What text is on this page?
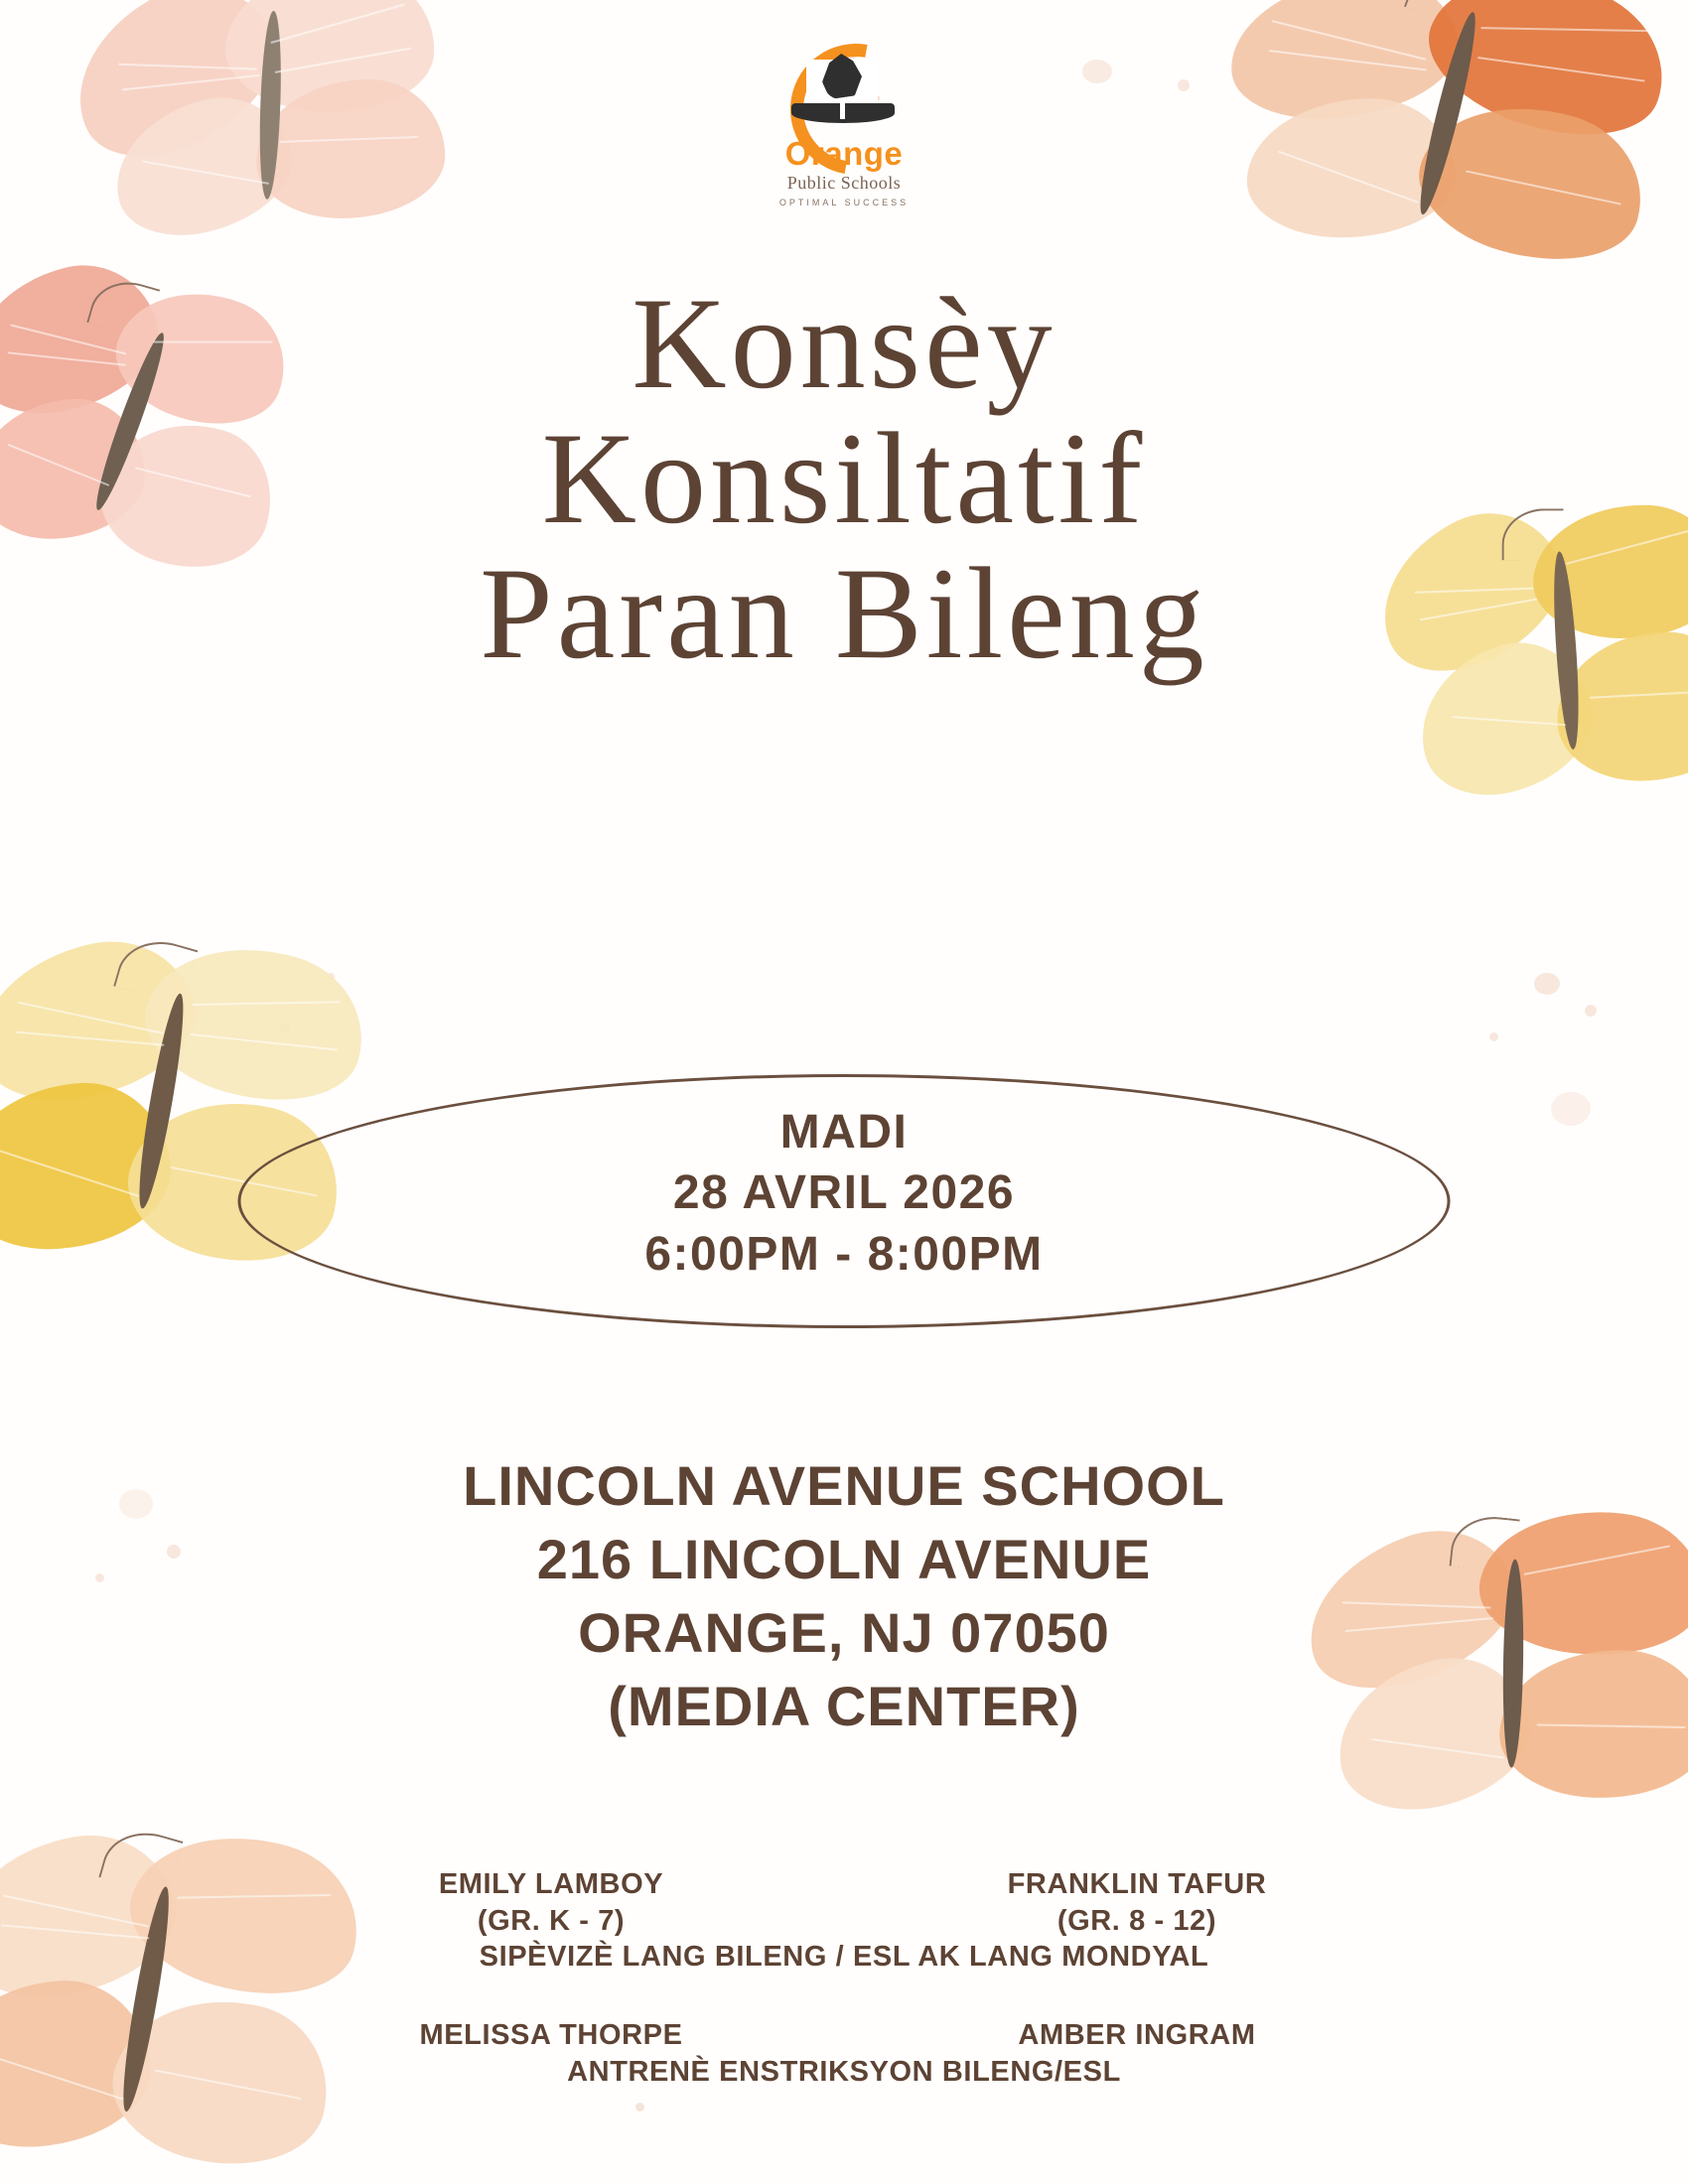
Orange
Public Schools
OPTIMAL SUCCESS
Konsèy
Konsiltatif
Paran Bileng
MADI
28 AVRIL 2026
6:00PM - 8:00PM
LINCOLN AVENUE SCHOOL
216 LINCOLN AVENUE
ORANGE, NJ 07050
(MEDIA CENTER)
EMILY LAMBOY
(GR. K - 7)
FRANKLIN TAFUR
(GR. 8 - 12)
SIPÈVIZÈ LANG BILENG / ESL AK LANG MONDYAL
MELISSA THORPE	AMBER INGRAM
ANTRENÈ ENSTRIKSYON BILENG/ESL
